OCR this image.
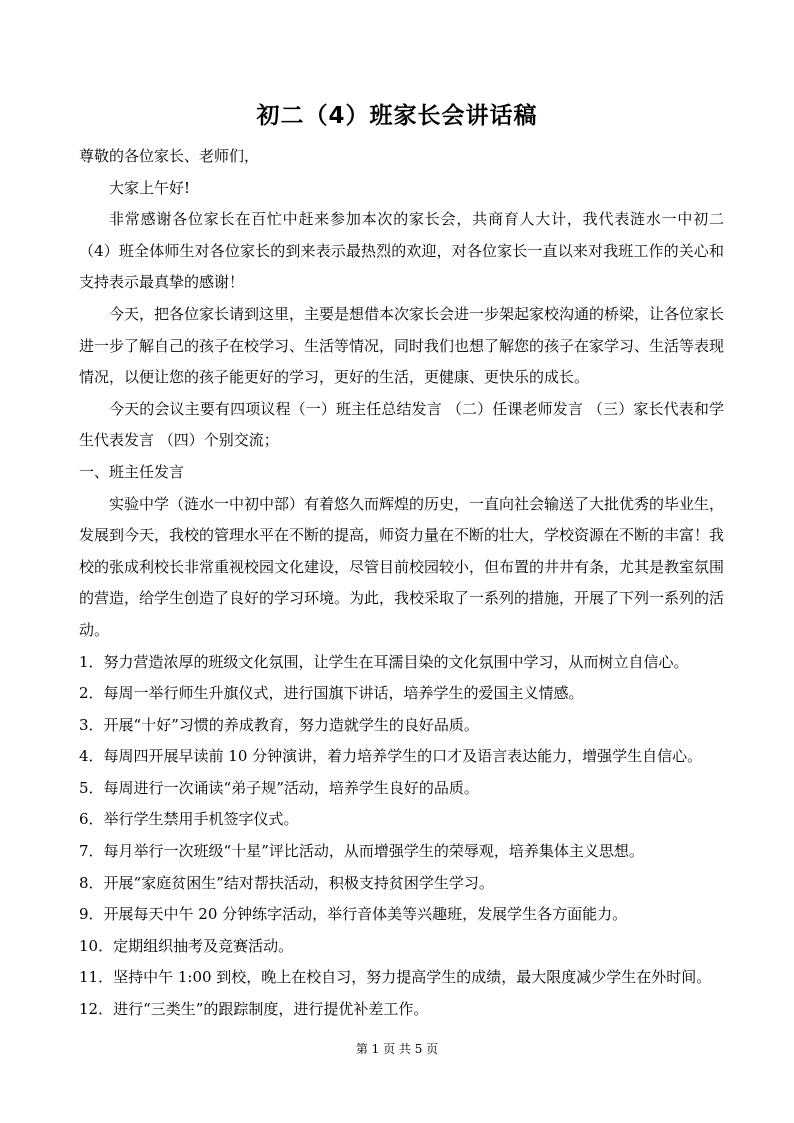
初二（4）班家长会讲话稿

尊敬的各位家长、老师们，

大家上午好!

非常感谢各位家长在百忙中赶来参加本次的家长会，共商育人大计，我代表涟水一中初二（4）班全体师生对各位家长的到来表示最热烈的欢迎，对各位家长一直以来对我班工作的关心和支持表示最真挚的感谢！

今天，把各位家长请到这里，主要是想借本次家长会进一步架起家校沟通的桥梁，让各位家长进一步了解自己的孩子在校学习、生活等情况，同时我们也想了解您的孩子在家学习、生活等表现情况，以便让您的孩子能更好的学习，更好的生活，更健康、更快乐的成长。

今天的会议主要有四项议程（一）班主任总结发言 （二）任课老师发言 （三）家长代表和学生代表发言 （四）个别交流；

一、班主任发言

实验中学（涟水一中初中部）有着悠久而辉煌的历史，一直向社会输送了大批优秀的毕业生，发展到今天，我校的管理水平在不断的提高，师资力量在不断的壮大，学校资源在不断的丰富！我校的张成利校长非常重视校园文化建设，尽管目前校园较小，但布置的井井有条，尤其是教室氛围的营造，给学生创造了良好的学习环境。为此，我校采取了一系列的措施，开展了下列一系列的活动。

1．努力营造浓厚的班级文化氛围，让学生在耳濡目染的文化氛围中学习，从而树立自信心。

2．每周一举行师生升旗仪式，进行国旗下讲话，培养学生的爱国主义情感。

3．开展“十好”习惯的养成教育，努力造就学生的良好品质。

4．每周四开展早读前 10 分钟演讲，着力培养学生的口才及语言表达能力，增强学生自信心。

5．每周进行一次诵读“弟子规”活动，培养学生良好的品质。

6．举行学生禁用手机签字仪式。

7．每月举行一次班级“十星”评比活动，从而增强学生的荣辱观，培养集体主义思想。

8．开展“家庭贫困生”结对帮扶活动，积极支持贫困学生学习。

9．开展每天中午 20 分钟练字活动，举行音体美等兴趣班，发展学生各方面能力。

10．定期组织抽考及竞赛活动。

11．坚持中午 1:00 到校，晚上在校自习，努力提高学生的成绩，最大限度减少学生在外时间。

12．进行“三类生”的跟踪制度，进行提优补差工作。

第 1 页 共 5 页
